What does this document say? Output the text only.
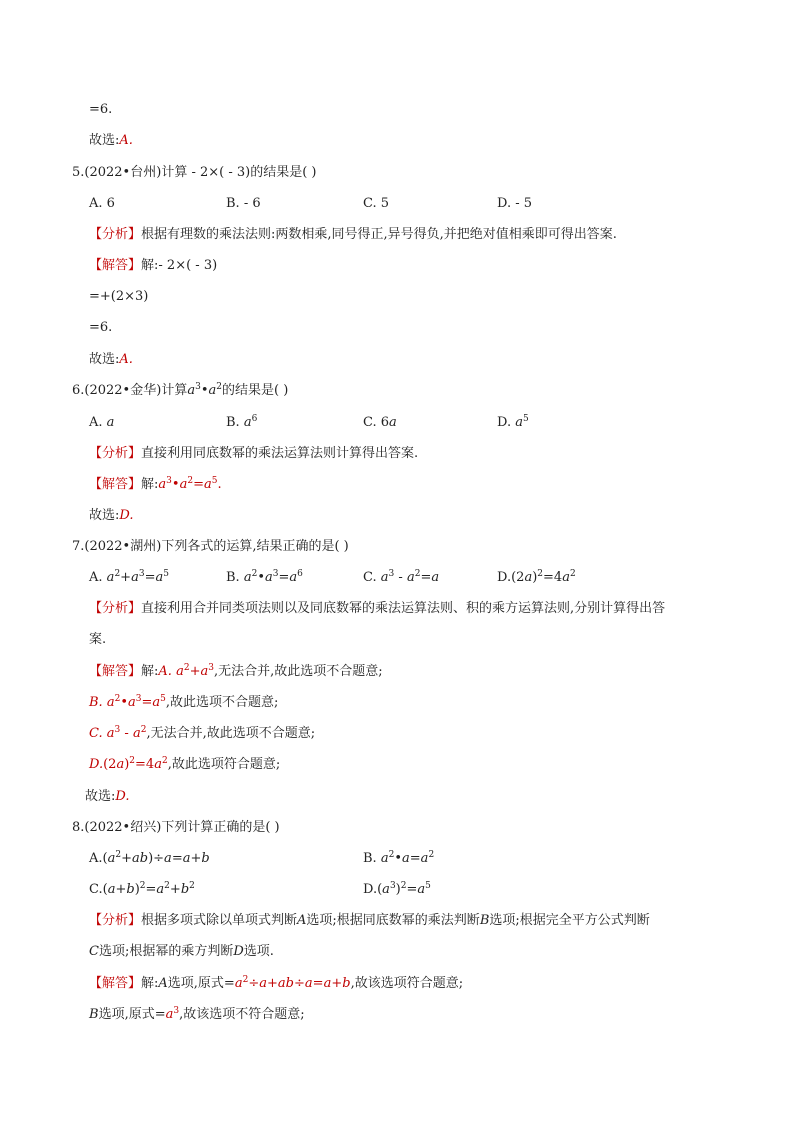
=6.
故选:A.
5.(2022•台州)计算 - 2×( - 3)的结果是( )
A. 6	B. - 6	C. 5	D. - 5
【分析】根据有理数的乘法法则:两数相乘,同号得正,异号得负,并把绝对值相乘即可得出答案.
【解答】解:- 2×( - 3)
=+(2×3)
=6.
故选:A.
6.(2022•金华)计算$a^3•a^2$的结果是( )
A. a	B. $a^6$	C. 6a	D. $a^5$
【分析】直接利用同底数幂的乘法运算法则计算得出答案.
【解答】解$:a^3•a^2=a^5$.
故选:D.
7.(2022•湖州)下列各式的运算,结果正确的是( )
A. $a^2+a^3=a^5$	B. $a^2•a^3=a^6$	C. $a^3 - a^2=a$	$D.(2a)^2=4a^2$
【分析】直接利用合并同类项法则以及同底数幂的乘法运算法则、积的乘方运算法则,分别计算得出答
案.
【解答】解:A. $a^2+a^3$,无法合并,故此选项不合题意;
B. $a^2•a^3=a^5$,故此选项不合题意;
C. $a^3 - a^2$,无法合并,故此选项不合题意;
$D.(2a)^2=4a^2$,故此选项符合题意;
故选:D.
8.(2022•绍兴)下列计算正确的是( )
$A.(a^2+ab)\div a=a+b$	B. $a^2•a=a^2$
$C.(a+b)^2=a^2+b^2$	$D.(a^3)^2=a^5$
【分析】根据多项式除以单项式判断A选项;根据同底数幂的乘法判断B选项;根据完全平方公式判断
C选项;根据幂的乘方判断D选项.
【解答】解:A选项,原式$=a^2\div a+ab\div a=a+b$,故该选项符合题意;
B选项,原式$=a^3$,故该选项不符合题意;
